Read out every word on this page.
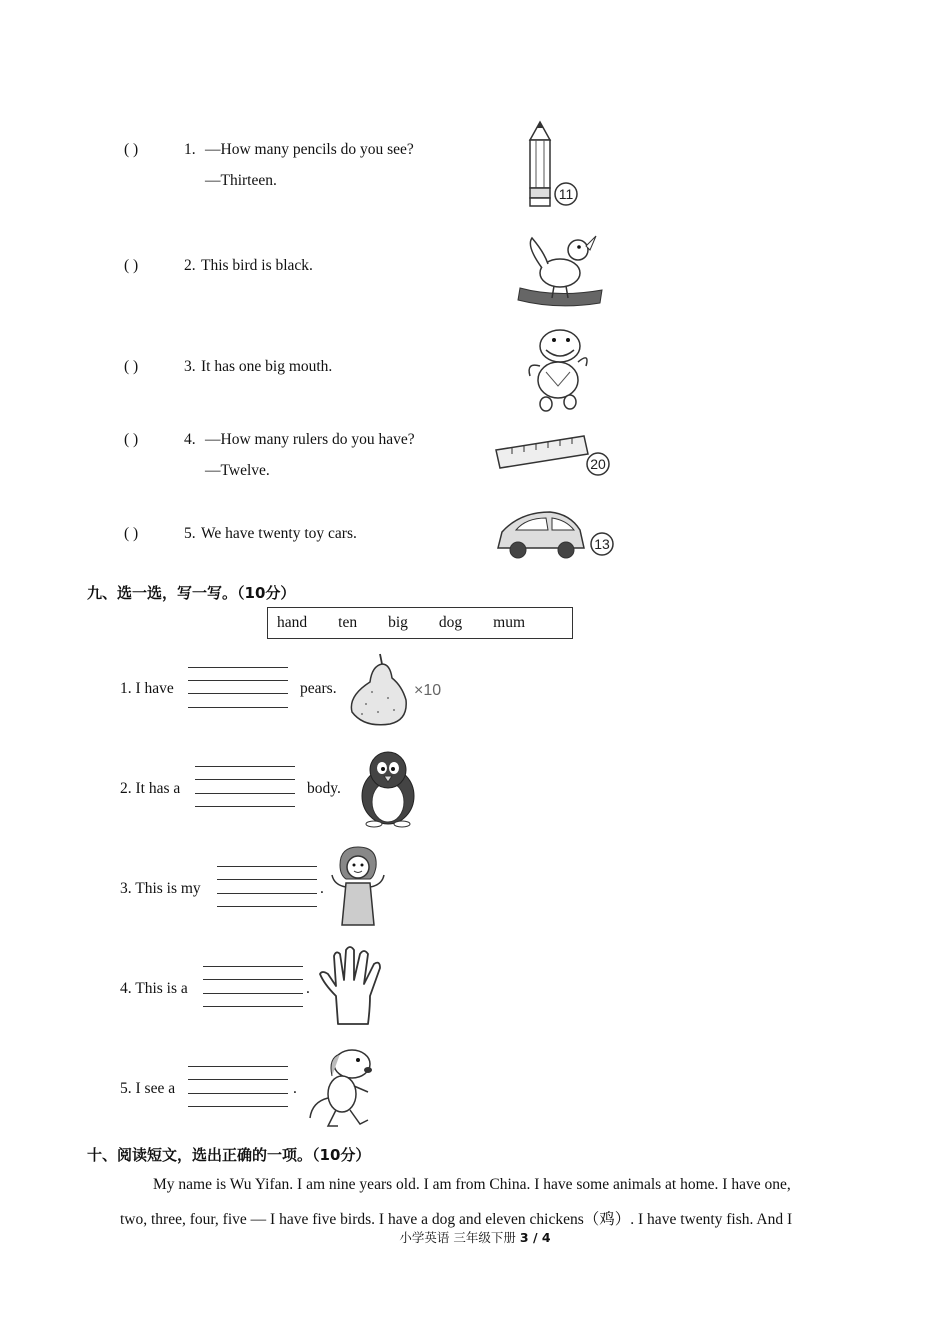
( )	1. —How many pencils do you see?
—Thirteen.
11
( )	2. This bird is black.
( )	3. It has one big mouth.
( )	4. —How many rulers do you have?
—Twelve.	20
( )	5. We have twenty toy cars.
13
九、选一选，写一写。（10分）
hand ten big dog mum
1. I have	pears.	×10
2. It has a	body.
3. This is my	.
4. This is a	.
5. I see a	.
十、阅读短文，选出正确的一项。（10分）
My name is Wu Yifan. I am nine years old. I am from China. I have some animals at home. I have one,
two, three, four, five — I have five birds. I have a dog and eleven chickens（鸡）. I have twenty fish. And I
小学英语 三年级下册 3 / 4
